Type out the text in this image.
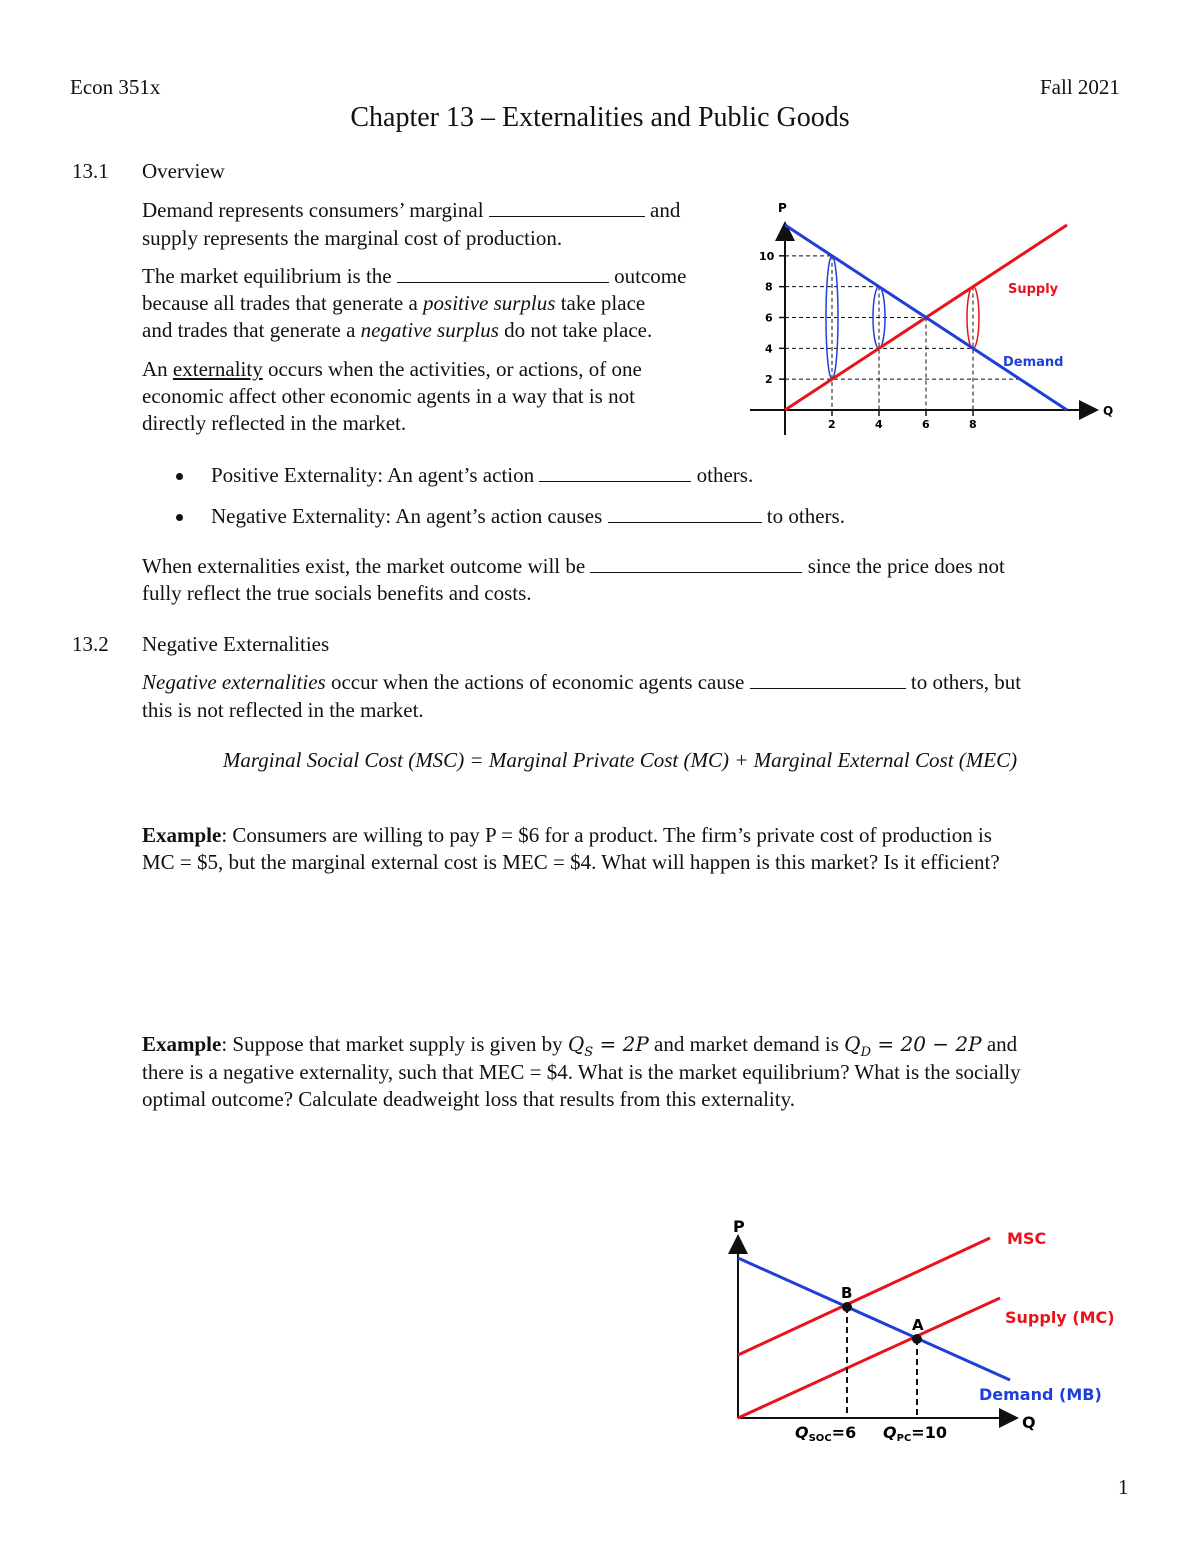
Econ 351x	Fall 2021
Chapter 13 – Externalities and Public Goods
13.1 Overview
Demand represents consumers’ marginal	and
supply represents the marginal cost of production.
The market equilibrium is the	outcome
because all trades that generate a positive surplus take place
and trades that generate a negative surplus do not take place.
An externality occurs when the activities, or actions, of one
economic affect other economic agents in a way that is not
directly reflected in the market.
Positive Externality: An agent’s action	others.
Negative Externality: An agent’s action causes	to others.
When externalities exist, the market outcome will be	since the price does not
fully reflect the true socials benefits and costs.
13.2 Negative Externalities
Negative externalities occur when the actions of economic agents cause	to others, but
this is not reflected in the market.
Marginal Social Cost (MSC) = Marginal Private Cost (MC) + Marginal External Cost (MEC)
Example: Consumers are willing to pay P = $6 for a product. The firm’s private cost of production is
MC = $5, but the marginal external cost is MEC = $4. What will happen is this market? Is it efficient?
Example: Suppose that market supply is given by $Q_S = 2P$ and market demand is $Q_D = 20 - 2P$ and
there is a negative externality, such that MEC = $4. What is the market equilibrium? What is the socially
optimal outcome? Calculate deadweight loss that results from this externality.
P
Q
2	4	6	8
2
4
6
8
10
Supply
Demand
P
Q
B
A
MSC
Supply (MC)
Demand (MB)
QSOC=6 QPC=10
1
